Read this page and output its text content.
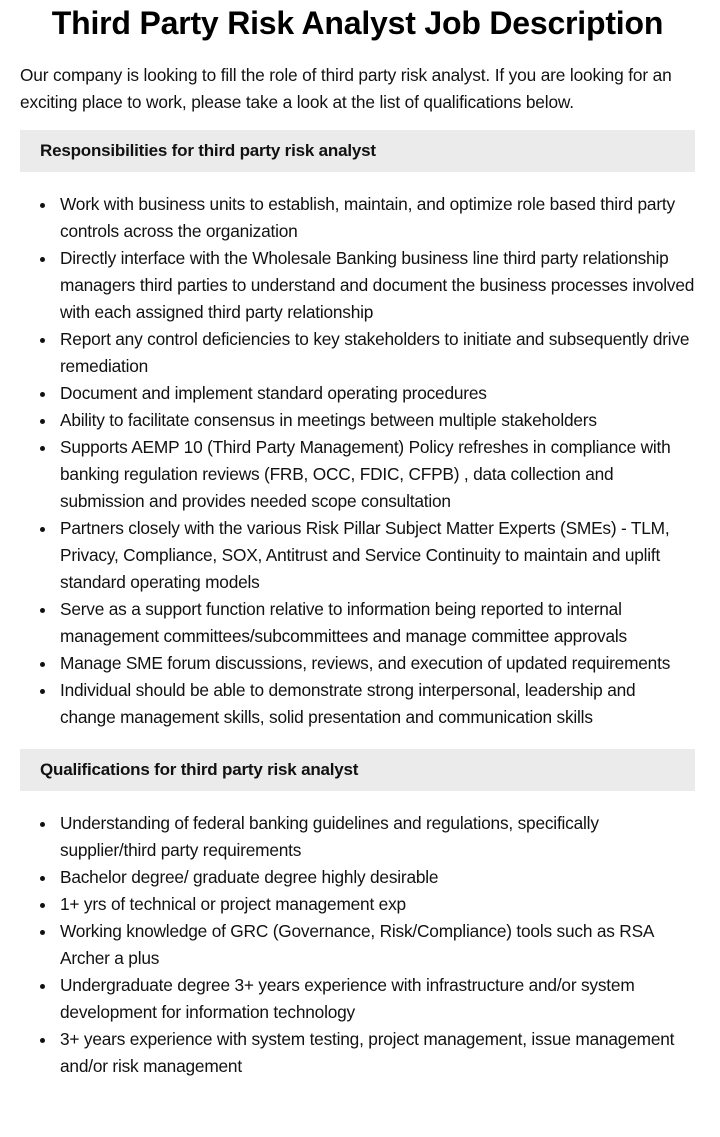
Third Party Risk Analyst Job Description

Our company is looking to fill the role of third party risk analyst. If you are looking for an exciting place to work, please take a look at the list of qualifications below.

Responsibilities for third party risk analyst
Work with business units to establish, maintain, and optimize role based third party controls across the organization
Directly interface with the Wholesale Banking business line third party relationship managers third parties to understand and document the business processes involved with each assigned third party relationship
Report any control deficiencies to key stakeholders to initiate and subsequently drive remediation
Document and implement standard operating procedures
Ability to facilitate consensus in meetings between multiple stakeholders
Supports AEMP 10 (Third Party Management) Policy refreshes in compliance with banking regulation reviews (FRB, OCC, FDIC, CFPB) , data collection and submission and provides needed scope consultation
Partners closely with the various Risk Pillar Subject Matter Experts (SMEs) - TLM, Privacy, Compliance, SOX, Antitrust and Service Continuity to maintain and uplift standard operating models
Serve as a support function relative to information being reported to internal management committees/subcommittees and manage committee approvals
Manage SME forum discussions, reviews, and execution of updated requirements
Individual should be able to demonstrate strong interpersonal, leadership and change management skills, solid presentation and communication skills
Qualifications for third party risk analyst
Understanding of federal banking guidelines and regulations, specifically supplier/third party requirements
Bachelor degree/ graduate degree highly desirable
1+ yrs of technical or project management exp
Working knowledge of GRC (Governance, Risk/Compliance) tools such as RSA Archer a plus
Undergraduate degree 3+ years experience with infrastructure and/or system development for information technology
3+ years experience with system testing, project management, issue management and/or risk management
